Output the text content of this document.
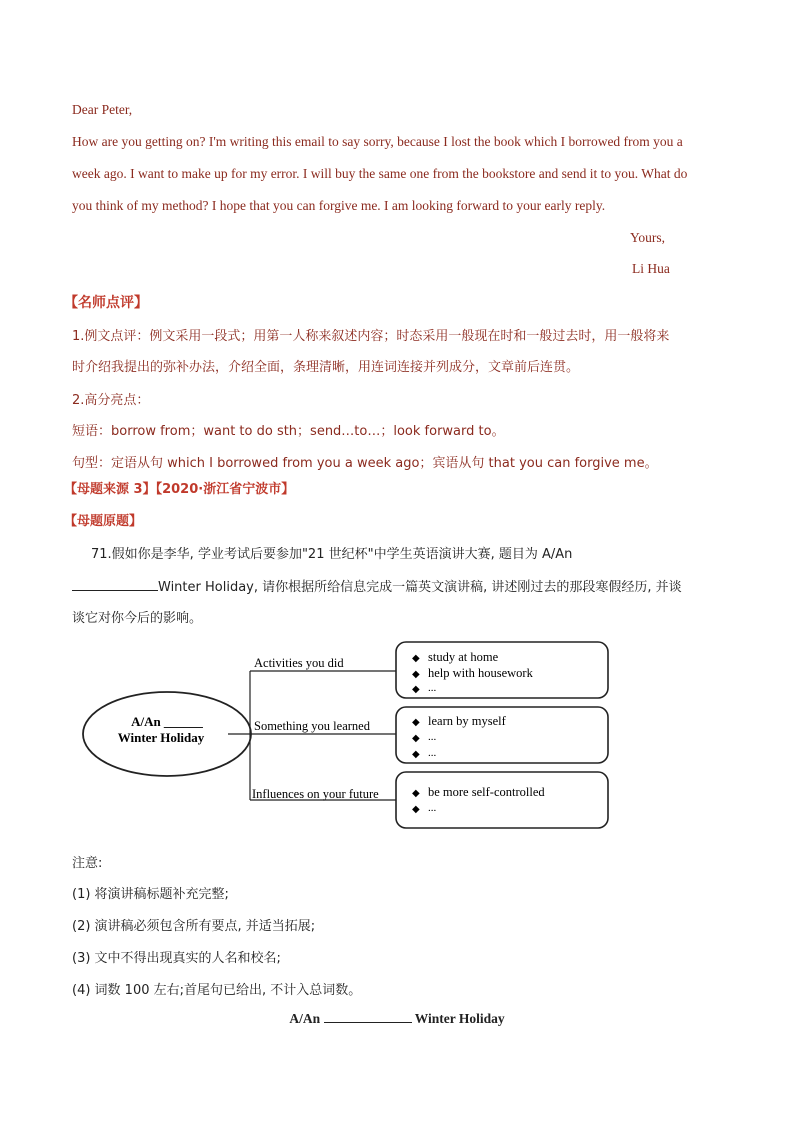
Dear Peter,
How are you getting on? I'm writing this email to say sorry, because I lost the book which I borrowed from you a
week ago. I want to make up for my error. I will buy the same one from the bookstore and send it to you. What do
you think of my method? I hope that you can forgive me. I am looking forward to your early reply.
Yours,
Li Hua
【名师点评】
1.例文点评：例文采用一段式；用第一人称来叙述内容；时态采用一般现在时和一般过去时，用一般将来
时介绍我提出的弥补办法，介绍全面，条理清晰，用连词连接并列成分，文章前后连贯。
2.高分亮点：
短语：borrow from；want to do sth；send…to…；look forward to。
句型：定语从句 which I borrowed from you a week ago；宾语从句 that you can forgive me。
【母题来源 3】【2020·浙江省宁波市】
【母题原题】
71.假如你是李华, 学业考试后要参加"21 世纪杯"中学生英语演讲大赛, 题目为 A/An
Winter Holiday, 请你根据所给信息完成一篇英文演讲稿, 讲述刚过去的那段寒假经历, 并谈
谈它对你今后的影响。
A/An ______
Winter Holiday
Activities you did
Something you learned
Influences on your future
◆ study at home
◆ help with housework
◆ ...
◆ learn by myself
◆ ...
◆ ...
◆ be more self-controlled
◆ ...
注意:
(1) 将演讲稿标题补充完整;
(2) 演讲稿必须包含所有要点, 并适当拓展;
(3) 文中不得出现真实的人名和校名;
(4) 词数 100 左右;首尾句已给出, 不计入总词数。
A/An	Winter Holiday
